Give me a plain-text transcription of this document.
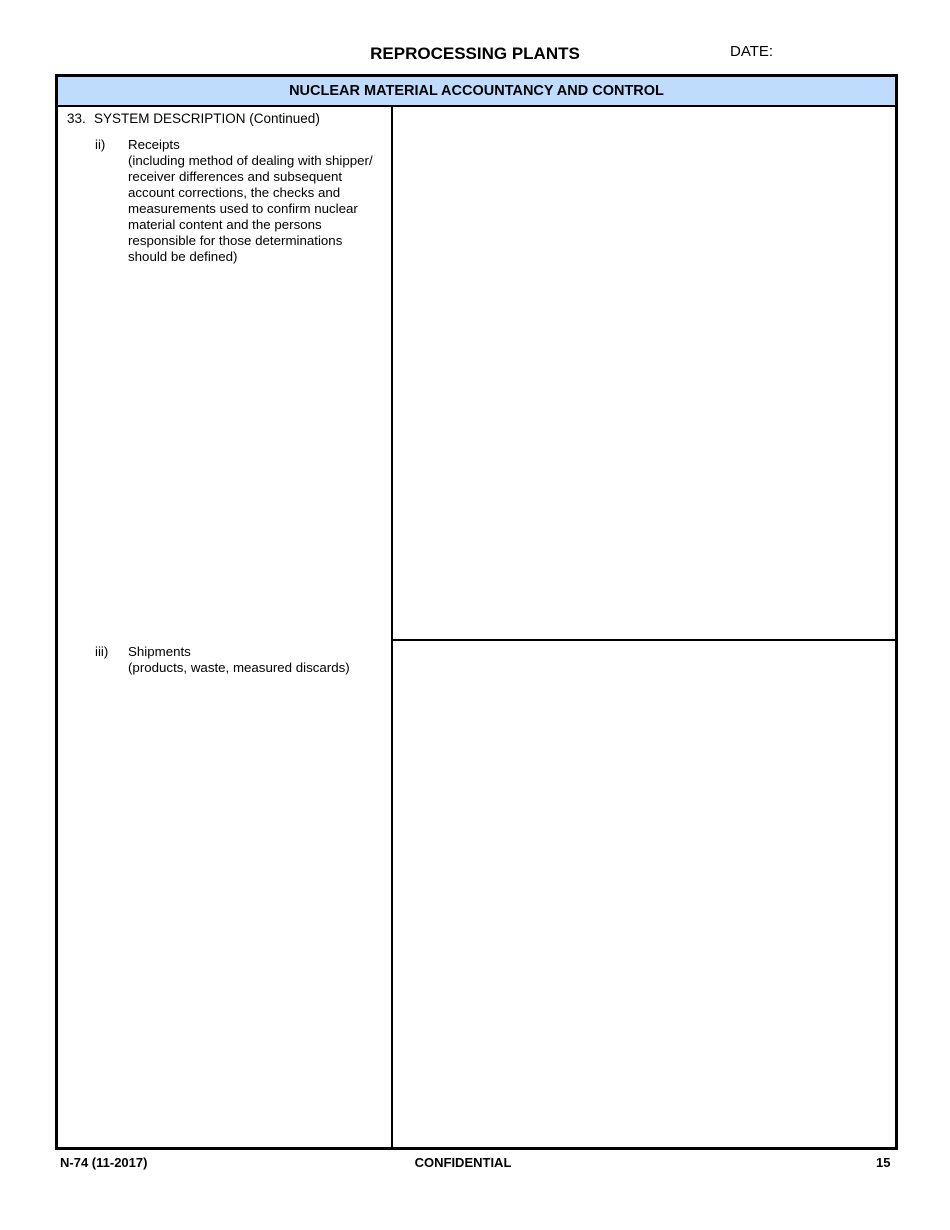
REPROCESSING PLANTS	DATE:
NUCLEAR MATERIAL ACCOUNTANCY AND CONTROL
33. SYSTEM DESCRIPTION (Continued)
ii) Receipts
(including method of dealing with shipper/
receiver differences and subsequent
account corrections, the checks and
measurements used to confirm nuclear
material content and the persons
responsible for those determinations
should be defined)
iii) Shipments
(products, waste, measured discards)
N-74 (11-2017)	CONFIDENTIAL	15
